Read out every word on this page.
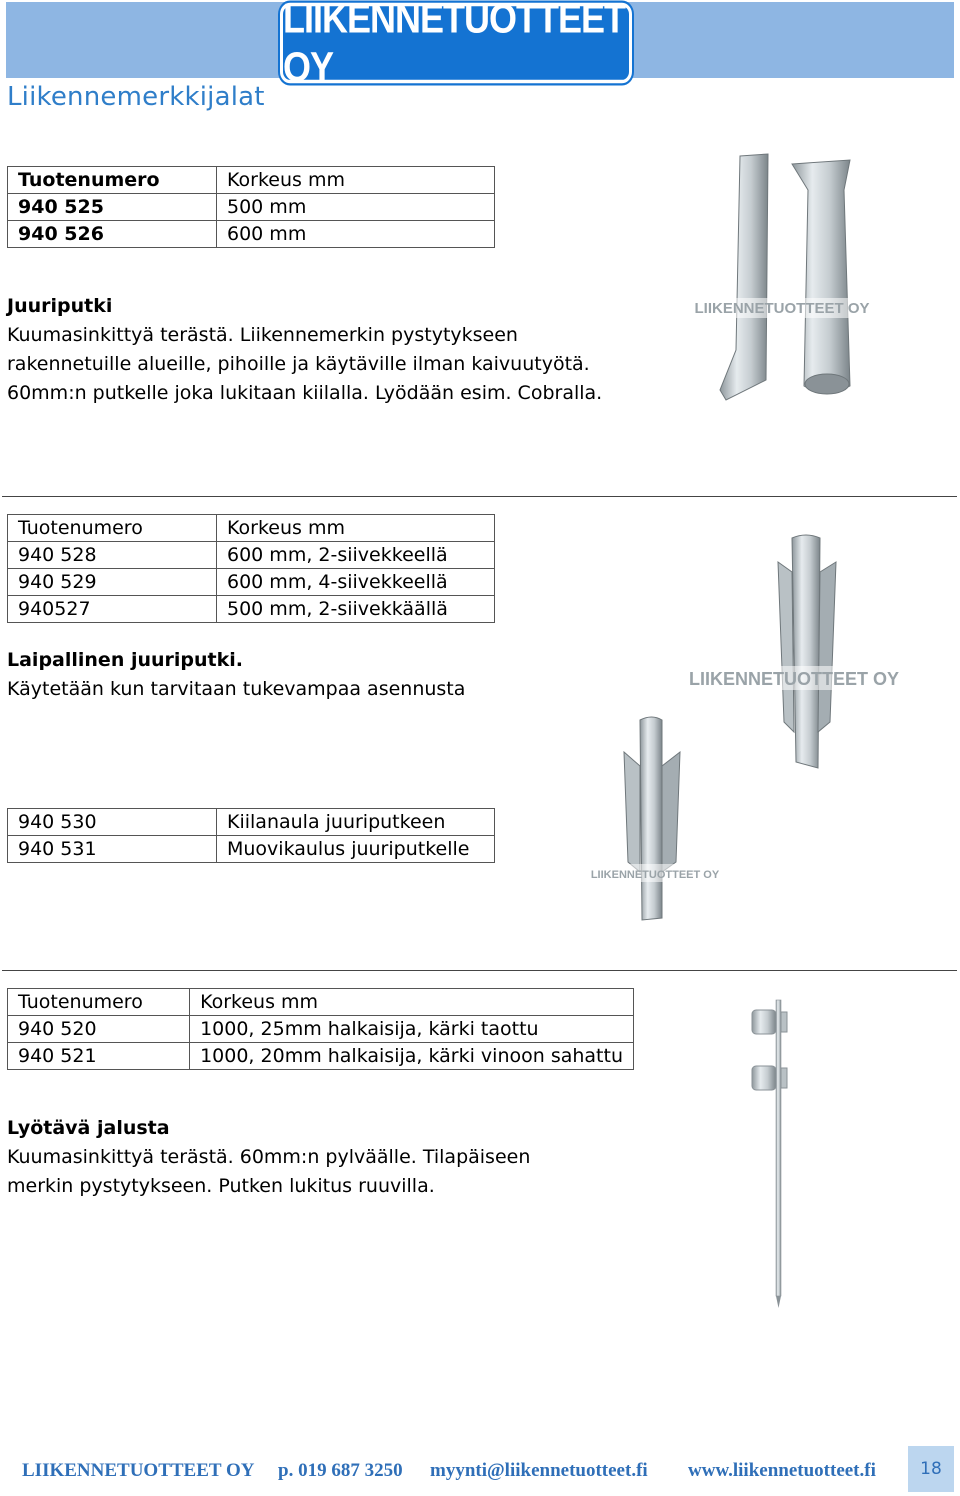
LIIKENNETUOTTEET OY
Liikennemerkkijalat
Tuotenumero	Korkeus mm
940 525	500 mm
940 526	600 mm
Juuriputki
Kuumasinkittyä terästä. Liikennemerkin pystytykseen
rakennetuille alueille, pihoille ja käytäville ilman kaivuutyötä.
60mm:n putkelle joka lukitaan kiilalla. Lyödään esim. Cobralla.
LIIKENNETUOTTEET OY
Tuotenumero	Korkeus mm
940 528	600 mm, 2-siivekkeellä
940 529	600 mm, 4-siivekkeellä
940527	500 mm, 2-siivekkäällä
Laipallinen juuriputki.
Käytetään kun tarvitaan tukevampaa asennusta	LIIKENNETUOTTEET OY
940 530	Kiilanaula juuriputkeen
940 531	Muovikaulus juuriputkelle
LIIKENNETUOTTEET OY
Tuotenumero	Korkeus mm
940 520	1000, 25mm halkaisija, kärki taottu
940 521	1000, 20mm halkaisija, kärki vinoon sahattu
Lyötävä jalusta
Kuumasinkittyä terästä. 60mm:n pylväälle. Tilapäiseen
merkin pystytykseen. Putken lukitus ruuvilla.
LIIKENNETUOTTEET OY p. 019 687 3250 myynti@liikennetuotteet.fi www.liikennetuotteet.fi	18
